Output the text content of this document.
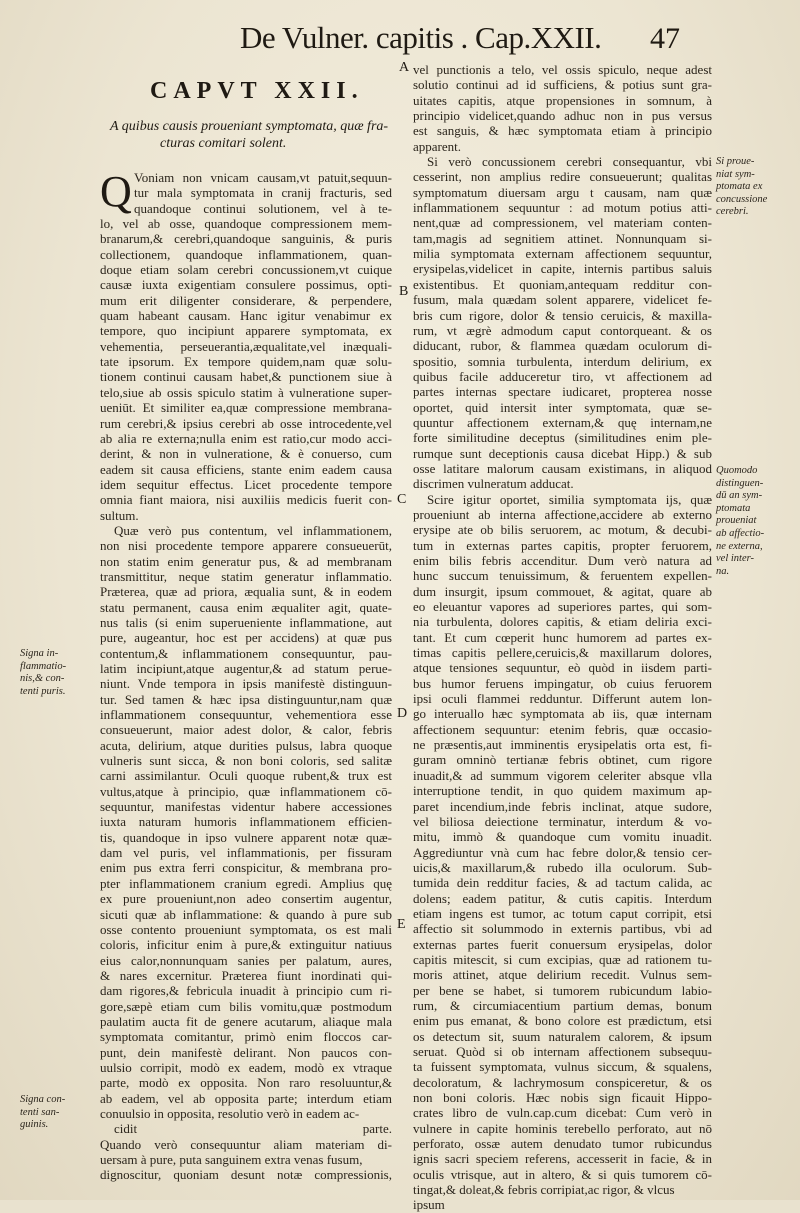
De Vulner. capitis . Cap.XXII. 47
CAPVT XXII.
A quibus causis proueniant symptomata, quæ fra-
cturas comitari solent.
A
B
C
D
E
Q Voniam non vnicam causam,vt patuit,sequun-
tur mala symptomata in cranij fracturis, sed
quandoque continui solutionem, vel à te-
lo, vel ab osse, quandoque compressionem mem-
branarum,& cerebri,quandoque sanguinis, & puris
collectionem, quandoque inflammationem, quan-
doque etiam solam cerebri concussionem,vt cuique
causæ iuxta exigentiam consulere possimus, opti-
mum erit diligenter considerare, & perpendere,
quam habeant causam. Hanc igitur venabimur ex
tempore, quo incipiunt apparere symptomata, ex
vehementia, perseuerantia,æqualitate,vel inæquali-
tate ipsorum. Ex tempore quidem,nam quæ solu-
tionem continui causam habet,& punctionem siue à
telo,siue ab ossis spiculo statim à vulneratione super-
ueniūt. Et similiter ea,quæ compressione membrana-
rum cerebri,& ipsius cerebri ab osse introcedente,vel
ab alia re externa;nulla enim est ratio,cur modo acci-
derint, & non in vulneratione, & è conuerso, cum
eadem sit causa efficiens, stante enim eadem causa
idem sequitur effectus. Licet procedente tempore
omnia fiant maiora, nisi auxiliis medicis fuerit con-
sultum.
Quæ verò pus contentum, vel inflammationem,
non nisi procedente tempore apparere consueuerūt,
non statim enim generatur pus, & ad membranam
transmittitur, neque statim generatur inflammatio.
Præterea, quæ ad priora, æqualia sunt, & in eodem
statu permanent, causa enim æqualiter agit, quate-
nus talis (si enim superueniente inflammatione, aut
pure, augeantur, hoc est per accidens) at quæ pus
contentum,& inflammationem consequuntur, pau-
latim incipiunt,atque augentur,& ad statum perue-
niunt. Vnde tempora in ipsis manifestè distinguun-
tur. Sed tamen & hæc ipsa distinguuntur,nam quæ
inflammationem consequuntur, vehementiora esse
consueuerunt, maior adest dolor, & calor, febris
acuta, delirium, atque durities pulsus, labra quoque
vulneris sunt sicca, & non boni coloris, sed salitæ
carni assimilantur. Oculi quoque rubent,& trux est
vultus,atque à principio, quæ inflammationem cō-
sequuntur, manifestas videntur habere accessiones
iuxta naturam humoris inflammationem efficien-
tis, quandoque in ipso vulnere apparent notæ quæ-
dam vel puris, vel inflammationis, per fissuram
enim pus extra ferri conspicitur, & membrana pro-
pter inflammationem cranium egredi. Amplius quę
ex pure proueniunt,non adeo consertim augentur,
sicuti quæ ab inflammatione: & quando à pure sub
osse contento proueniunt symptomata, os est mali
coloris, inficitur enim à pure,& extinguitur natiuus
eius calor,nonnunquam sanies per palatum, aures,
& nares excernitur. Præterea fiunt inordinati qui-
dam rigores,& febricula inuadit à principio cum ri-
gore,sæpè etiam cum bilis vomitu,quæ postmodum
paulatim aucta fit de genere acutarum, aliaque mala
symptomata comitantur, primò enim floccos car-
punt, dein manifestè delirant. Non paucos con-
uulsio corripit, modò ex eadem, modò ex vtraque
parte, modò ex opposita. Non raro resoluuntur,&
ab eadem, vel ab opposita parte; interdum etiam
conuulsio in opposita, resolutio verò in eadem ac-
cidit parte.
Quando verò consequuntur aliam materiam di-
uersam à pure, puta sanguinem extra venas fusum,
dignoscitur, quoniam desunt notæ compressionis,
vel punctionis a telo, vel ossis spiculo, neque adest
solutio continui ad id sufficiens, & potius sunt gra-
uitates capitis, atque propensiones in somnum, à
principio videlicet,quando adhuc non in pus versus
est sanguis, & hæc symptomata etiam à principio
apparent.
Si verò concussionem cerebri consequantur, vbi
cesserint, non amplius redire consueuerunt; qualitas
symptomatum diuersam argu t causam, nam quæ
inflammationem sequuntur : ad motum potius atti-
nent,quæ ad compressionem, vel materiam conten-
tam,magis ad segnitiem attinet. Nonnunquam si-
milia symptomata externam affectionem sequuntur,
erysipelas,videlicet in capite, internis partibus saluis
existentibus. Et quoniam,antequam redditur con-
fusum, mala quædam solent apparere, videlicet fe-
bris cum rigore, dolor & tensio ceruicis, & maxilla-
rum, vt ægrè admodum caput contorqueant. & os
diducant, rubor, & flammea quædam oculorum di-
spositio, somnia turbulenta, interdum delirium, ex
quibus facile adduceretur tiro, vt affectionem ad
partes internas spectare iudicaret, propterea nosse
oportet, quid intersit inter symptomata, quæ se-
quuntur affectionem externam,& quę internam,ne
forte similitudine deceptus (similitudines enim ple-
rumque sunt deceptionis causa dicebat Hipp.) & sub
osse latitare malorum causam existimans, in aliquod
discrimen vulneratum adducat.
Scire igitur oportet, similia symptomata ijs, quæ
proueniunt ab interna affectione,accidere ab externo
erysipe ate ob bilis seruorem, ac motum, & decubi-
tum in externas partes capitis, propter feruorem,
enim bilis febris accenditur. Dum verò natura ad
hunc succum tenuissimum, & feruentem expellen-
dum insurgit, ipsum commouet, & agitat, quare ab
eo eleuantur vapores ad superiores partes, qui som-
nia turbulenta, dolores capitis, & etiam deliria exci-
tant. Et cum cœperit hunc humorem ad partes ex-
timas capitis pellere,ceruicis,& maxillarum dolores,
atque tensiones sequuntur, eò quòd in iisdem parti-
bus humor feruens impingatur, ob cuius feruorem
ipsi oculi flammei redduntur. Differunt autem lon-
go interuallo hæc symptomata ab iis, quæ internam
affectionem sequuntur: etenim febris, quæ occasio-
ne præsentis,aut imminentis erysipelatis orta est, fi-
guram omninò tertianæ febris obtinet, cum rigore
inuadit,& ad summum vigorem celeriter absque vlla
interruptione tendit, in quo quidem maximum ap-
paret incendium,inde febris inclinat, atque sudore,
vel biliosa deiectione terminatur, interdum & vo-
mitu, immò & quandoque cum vomitu inuadit.
Aggrediuntur vnà cum hac febre dolor,& tensio cer-
uicis,& maxillarum,& rubedo illa oculorum. Sub-
tumida dein redditur facies, & ad tactum calida, ac
dolens; eadem patitur, & cutis capitis. Interdum
etiam ingens est tumor, ac totum caput corripit, etsi
affectio sit solummodo in externis partibus, vbi ad
externas partes fuerit conuersum erysipelas, dolor
capitis mitescit, si cum excipias, quæ ad rationem tu-
moris attinet, atque delirium recedit. Vulnus sem-
per bene se habet, si tumorem rubicundum labio-
rum, & circumiacentium partium demas, bonum
enim pus emanat, & bono colore est prædictum, etsi
os detectum sit, suum naturalem calorem, & ipsum
seruat. Quòd si ob internam affectionem subsequu-
ta fuissent symptomata, vulnus siccum, & squalens,
decoloratum, & lachrymosum conspiceretur, & os
non boni coloris. Hæc nobis sign ficauit Hippo-
crates libro de vuln.cap.cum dicebat: Cum verò in
vulnere in capite hominis terebello perforato, aut nō
perforato, ossæ autem denudato tumor rubicundus
ignis sacri speciem referens, accesserit in facie, & in
oculis vtrisque, aut in altero, & si quis tumorem cō-
tingat,& doleat,& febris corripiat,ac rigor, & vlcus
ipsum
Signa in-
flammatio-
nis,& con-
tenti puris.
Signa con-
tenti san-
guinis.
Si proue-
niat sym-
ptomata ex
concussione
cerebri.
Quomodo
distinguen-
dū an sym-
ptomata
proueniat
ab affectio-
ne externa,
vel inter-
na.
